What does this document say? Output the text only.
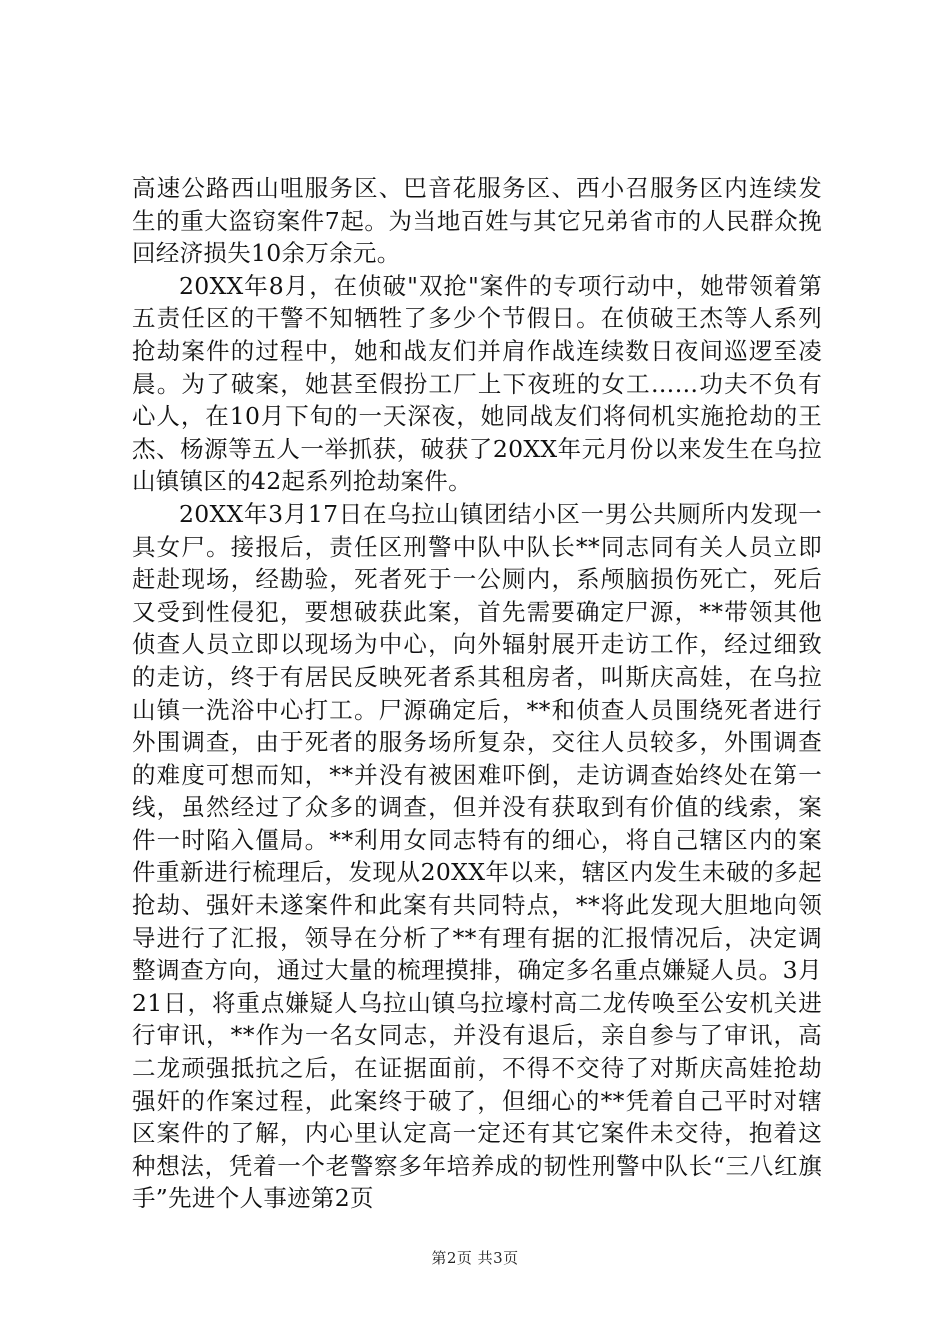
高速公路西山咀服务区、巴音花服务区、西小召服务区内连续发生的重大盗窃案件7起。为当地百姓与其它兄弟省市的人民群众挽回经济损失10余万余元。

20XX年8月，在侦破"双抢"案件的专项行动中，她带领着第五责任区的干警不知牺牲了多少个节假日。在侦破王杰等人系列抢劫案件的过程中，她和战友们并肩作战连续数日夜间巡逻至凌晨。为了破案，她甚至假扮工厂上下夜班的女工……功夫不负有心人，在10月下旬的一天深夜，她同战友们将伺机实施抢劫的王杰、杨源等五人一举抓获，破获了20XX年元月份以来发生在乌拉山镇镇区的42起系列抢劫案件。

20XX年3月17日在乌拉山镇团结小区一男公共厕所内发现一具女尸。接报后，责任区刑警中队中队长**同志同有关人员立即赶赴现场，经勘验，死者死于一公厕内，系颅脑损伤死亡，死后又受到性侵犯，要想破获此案，首先需要确定尸源，**带领其他侦查人员立即以现场为中心，向外辐射展开走访工作，经过细致的走访，终于有居民反映死者系其租房者，叫斯庆高娃，在乌拉山镇一洗浴中心打工。尸源确定后，**和侦查人员围绕死者进行外围调查，由于死者的服务场所复杂，交往人员较多，外围调查的难度可想而知，**并没有被困难吓倒，走访调查始终处在第一线，虽然经过了众多的调查，但并没有获取到有价值的线索，案件一时陷入僵局。**利用女同志特有的细心，将自己辖区内的案件重新进行梳理后，发现从20XX年以来，辖区内发生未破的多起抢劫、强奸未遂案件和此案有共同特点，**将此发现大胆地向领导进行了汇报，领导在分析了**有理有据的汇报情况后，决定调整调查方向，通过大量的梳理摸排，确定多名重点嫌疑人员。3月21日，将重点嫌疑人乌拉山镇乌拉壕村高二龙传唤至公安机关进行审讯，**作为一名女同志，并没有退后，亲自参与了审讯，高二龙顽强抵抗之后，在证据面前，不得不交待了对斯庆高娃抢劫强奸的作案过程，此案终于破了，但细心的**凭着自己平时对辖区案件的了解，内心里认定高一定还有其它案件未交待，抱着这种想法，凭着一个老警察多年培养成的韧性刑警中队长“三八红旗手”先进个人事迹第2页

第2页 共3页
